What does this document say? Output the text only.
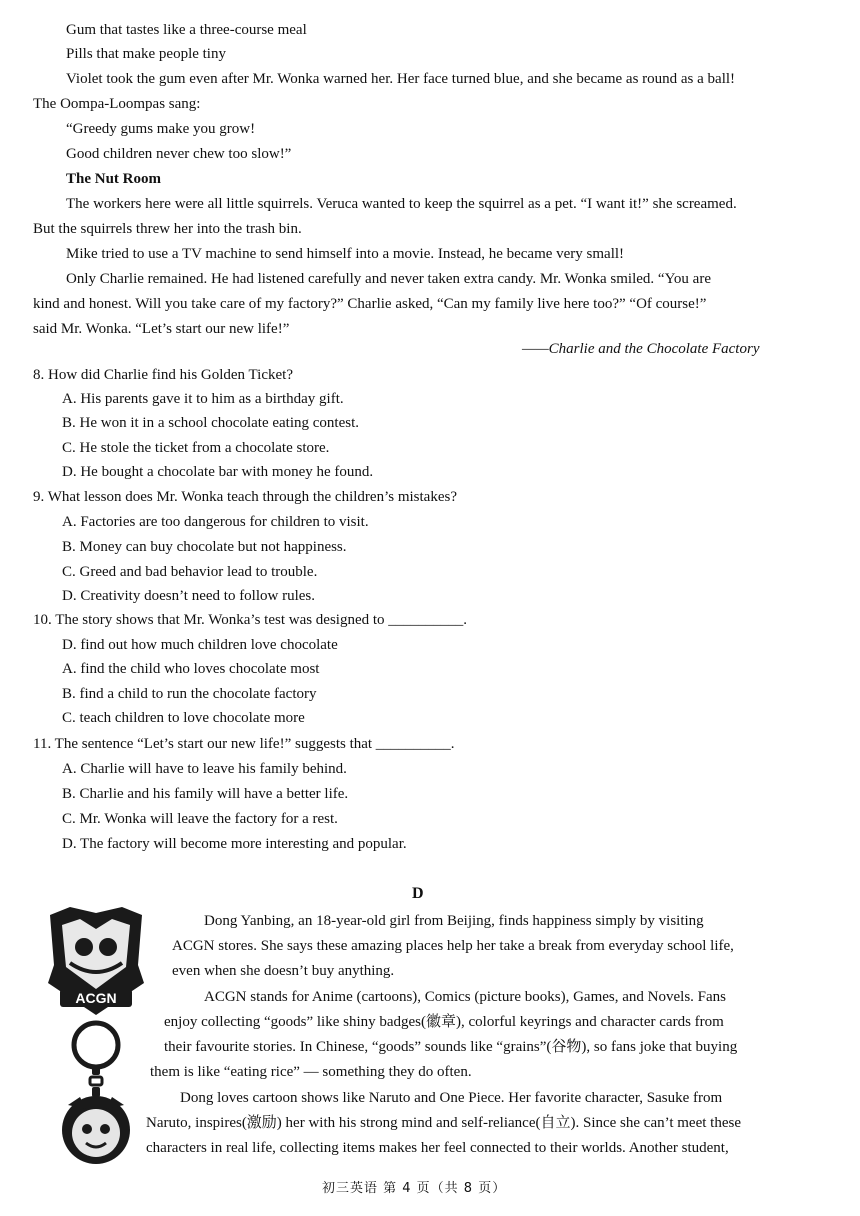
Gum that tastes like a three-course meal
Pills that make people tiny
Violet took the gum even after Mr. Wonka warned her. Her face turned blue, and she became as round as a ball!
The Oompa-Loompas sang:
“Greedy gums make you grow!
Good children never chew too slow!”
The Nut Room
The workers here were all little squirrels. Veruca wanted to keep the squirrel as a pet. “I want it!” she screamed.
But the squirrels threw her into the trash bin.
Mike tried to use a TV machine to send himself into a movie. Instead, he became very small!
Only Charlie remained. He had listened carefully and never taken extra candy. Mr. Wonka smiled. “You are
kind and honest. Will you take care of my factory?” Charlie asked, “Can my family live here too?” “Of course!”
said Mr. Wonka. “Let’s start our new life!”
——Charlie and the Chocolate Factory
8. How did Charlie find his Golden Ticket?
A. His parents gave it to him as a birthday gift.
B. He won it in a school chocolate eating contest.
C. He stole the ticket from a chocolate store.
D. He bought a chocolate bar with money he found.
9. What lesson does Mr. Wonka teach through the children’s mistakes?
A. Factories are too dangerous for children to visit.
B. Money can buy chocolate but not happiness.
C. Greed and bad behavior lead to trouble.
D. Creativity doesn’t need to follow rules.
10. The story shows that Mr. Wonka’s test was designed to __________.
D. find out how much children love chocolate
A. find the child who loves chocolate most
B. find a child to run the chocolate factory
C. teach children to love chocolate more
11. The sentence “Let’s start our new life!” suggests that __________.
A. Charlie will have to leave his family behind.
B. Charlie and his family will have a better life.
C. Mr. Wonka will leave the factory for a rest.
D. The factory will become more interesting and popular.
D
ACGN
Dong Yanbing, an 18-year-old girl from Beijing, finds happiness simply by visiting
ACGN stores. She says these amazing places help her take a break from everyday school life,
even when she doesn’t buy anything.
ACGN stands for Anime (cartoons), Comics (picture books), Games, and Novels. Fans
enjoy collecting “goods” like shiny badges(徽章), colorful keyrings and character cards from
their favourite stories. In Chinese, “goods” sounds like “grains”(谷物), so fans joke that buying
them is like “eating rice” — something they do often.
Dong loves cartoon shows like Naruto and One Piece. Her favorite character, Sasuke from
Naruto, inspires(激励) her with his strong mind and self-reliance(自立). Since she can’t meet these
characters in real life, collecting items makes her feel connected to their worlds. Another student,
初三英语 第 4 页（共 8 页）
